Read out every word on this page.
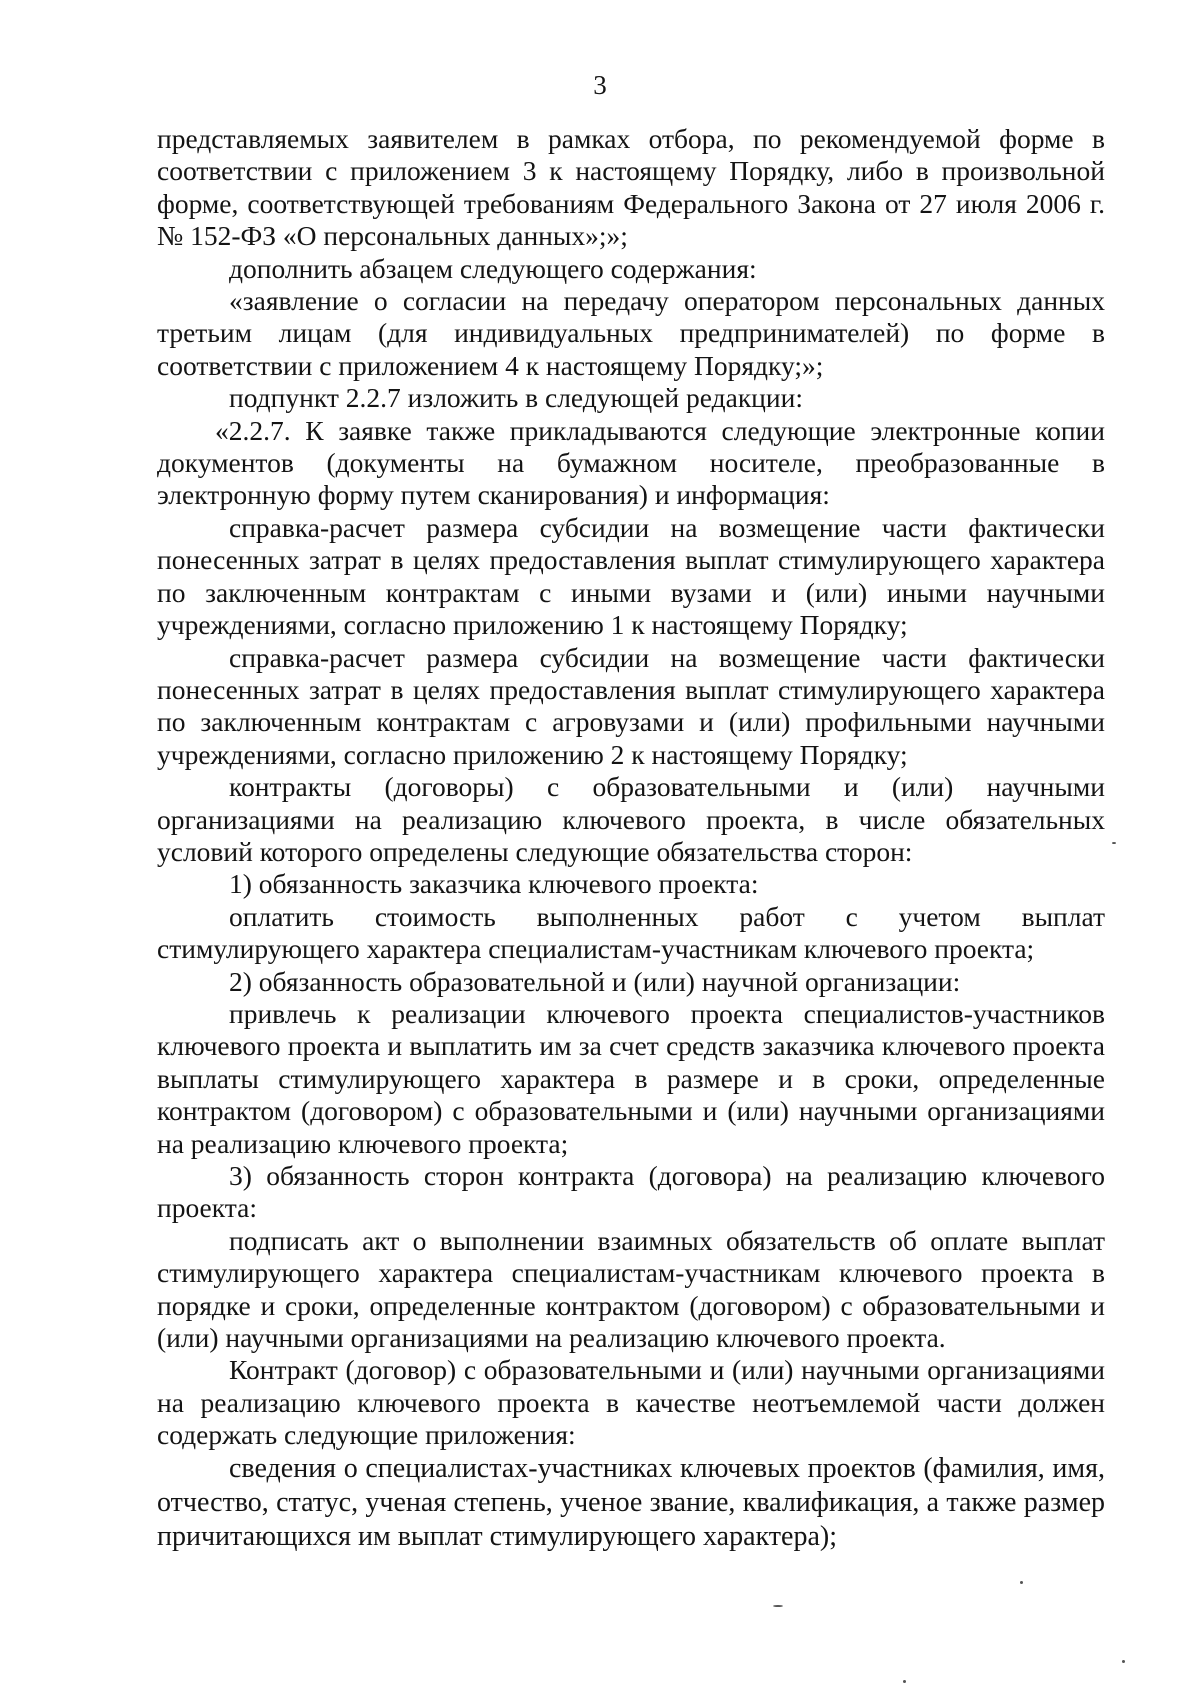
3

представляемых заявителем в рамках отбора, по рекомендуемой форме в соответствии с приложением 3 к настоящему Порядку, либо в произвольной форме, соответствующей требованиям Федерального Закона от 27 июля 2006 г. № 152-ФЗ «О персональных данных»;»;

дополнить абзацем следующего содержания:

«заявление о согласии на передачу оператором персональных данных третьим лицам (для индивидуальных предпринимателей) по форме в соответствии с приложением 4 к настоящему Порядку;»;

подпункт 2.2.7 изложить в следующей редакции:

«2.2.7. К заявке также прикладываются следующие электронные копии документов (документы на бумажном носителе, преобразованные в электронную форму путем сканирования) и информация:

справка-расчет размера субсидии на возмещение части фактически понесенных затрат в целях предоставления выплат стимулирующего характера по заключенным контрактам с иными вузами и (или) иными научными учреждениями, согласно приложению 1 к настоящему Порядку;

справка-расчет размера субсидии на возмещение части фактически понесенных затрат в целях предоставления выплат стимулирующего характера по заключенным контрактам с агровузами и (или) профильными научными учреждениями, согласно приложению 2 к настоящему Порядку;

контракты (договоры) с образовательными и (или) научными организациями на реализацию ключевого проекта, в числе обязательных условий которого определены следующие обязательства сторон:

1) обязанность заказчика ключевого проекта:

оплатить стоимость выполненных работ с учетом выплат стимулирующего характера специалистам-участникам ключевого проекта;

2) обязанность образовательной и (или) научной организации:

привлечь к реализации ключевого проекта специалистов-участников ключевого проекта и выплатить им за счет средств заказчика ключевого проекта выплаты стимулирующего характера в размере и в сроки, определенные контрактом (договором) с образовательными и (или) научными организациями на реализацию ключевого проекта;

3) обязанность сторон контракта (договора) на реализацию ключевого проекта:

подписать акт о выполнении взаимных обязательств об оплате выплат стимулирующего характера специалистам-участникам ключевого проекта в порядке и сроки, определенные контрактом (договором) с образовательными и (или) научными организациями на реализацию ключевого проекта.

Контракт (договор) с образовательными и (или) научными организациями на реализацию ключевого проекта в качестве неотъемлемой части должен содержать следующие приложения:

сведения о специалистах-участниках ключевых проектов (фамилия, имя, отчество, статус, ученая степень, ученое звание, квалификация, а также размер причитающихся им выплат стимулирующего характера);
